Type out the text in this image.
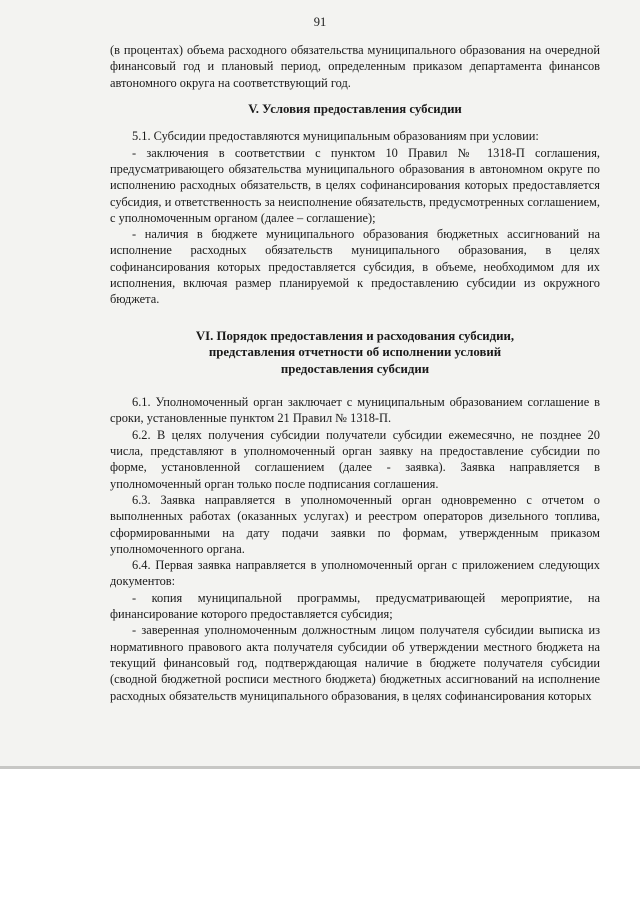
91

(в процентах) объема расходного обязательства муниципального образования на очередной финансовый год и плановый период, определенным приказом департамента финансов автономного округа на соответствующий год.

V. Условия предоставления субсидии

5.1. Субсидии предоставляются муниципальным образованиям при условии:

- заключения в соответствии с пунктом 10 Правил № 1318-П соглашения, предусматривающего обязательства муниципального образования в автономном округе по исполнению расходных обязательств, в целях софинансирования которых предоставляется субсидия, и ответственность за неисполнение обязательств, предусмотренных соглашением, с уполномоченным органом (далее – соглашение);

- наличия в бюджете муниципального образования бюджетных ассигнований на исполнение расходных обязательств муниципального образования, в целях софинансирования которых предоставляется субсидия, в объеме, необходимом для их исполнения, включая размер планируемой к предоставлению субсидии из окружного бюджета.

VI. Порядок предоставления и расходования субсидии,
представления отчетности об исполнении условий
предоставления субсидии

6.1. Уполномоченный орган заключает с муниципальным образованием соглашение в сроки, установленные пунктом 21 Правил № 1318-П.

6.2. В целях получения субсидии получатели субсидии ежемесячно, не позднее 20 числа, представляют в уполномоченный орган заявку на предоставление субсидии по форме, установленной соглашением (далее - заявка). Заявка направляется в уполномоченный орган только после подписания соглашения.

6.3. Заявка направляется в уполномоченный орган одновременно с отчетом о выполненных работах (оказанных услугах) и реестром операторов дизельного топлива, сформированными на дату подачи заявки по формам, утвержденным приказом уполномоченного органа.

6.4. Первая заявка направляется в уполномоченный орган с приложением следующих документов:

- копия муниципальной программы, предусматривающей мероприятие, на финансирование которого предоставляется субсидия;

- заверенная уполномоченным должностным лицом получателя субсидии выписка из нормативного правового акта получателя субсидии об утверждении местного бюджета на текущий финансовый год, подтверждающая наличие в бюджете получателя субсидии (сводной бюджетной росписи местного бюджета) бюджетных ассигнований на исполнение расходных обязательств муниципального образования, в целях софинансирования которых
